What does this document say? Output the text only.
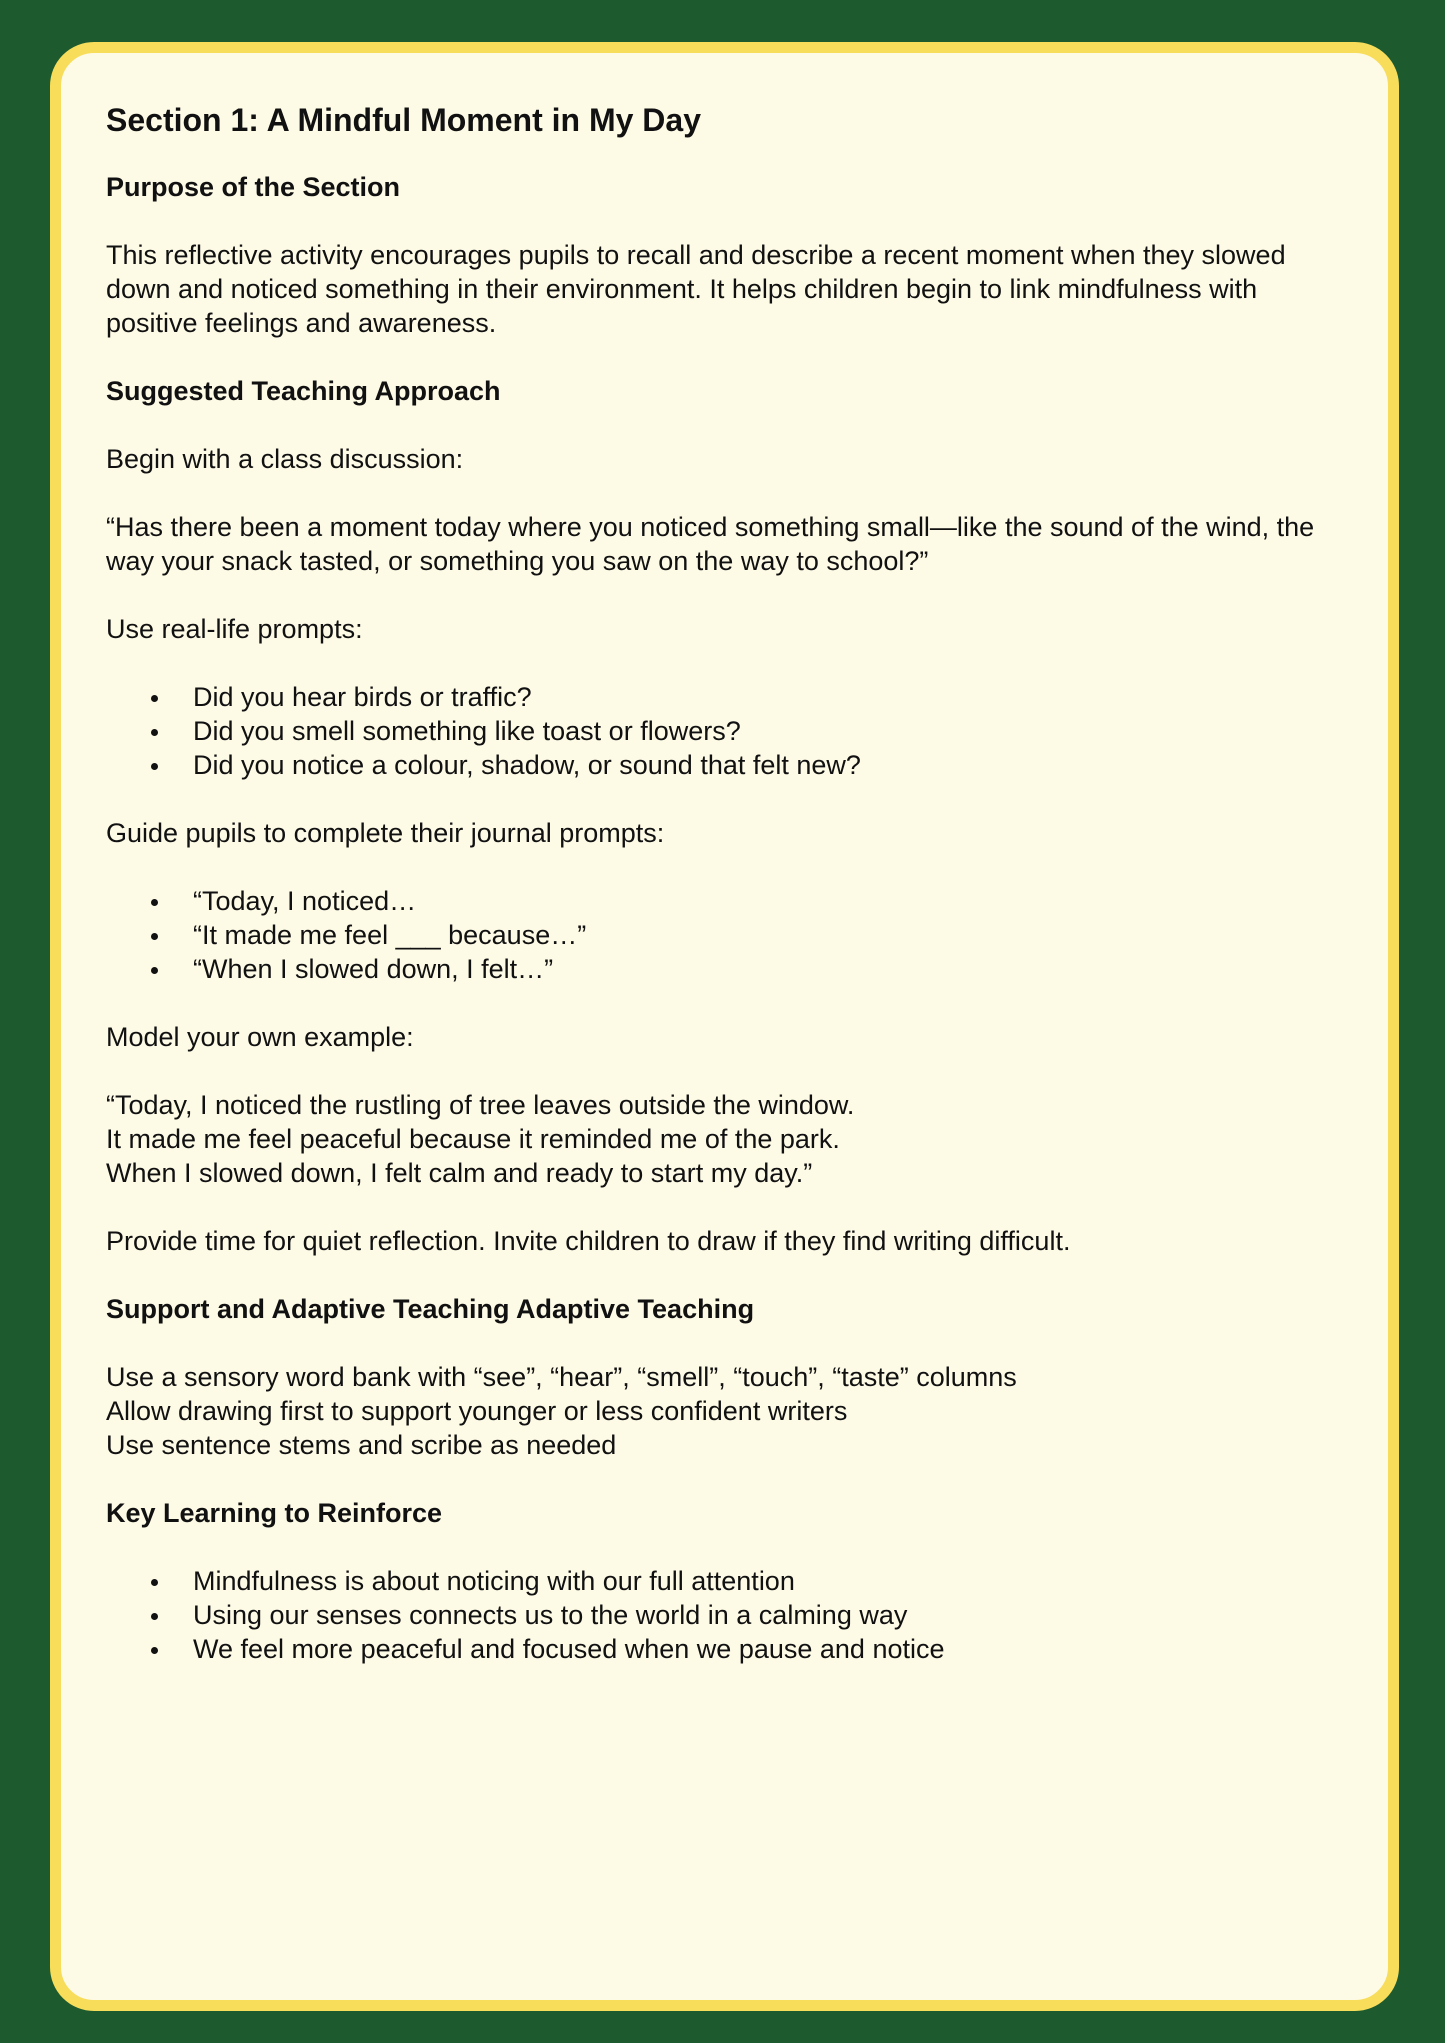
Section 1: A Mindful Moment in My Day
Purpose of the Section
This reflective activity encourages pupils to recall and describe a recent moment when they slowed down and noticed something in their environment. It helps children begin to link mindfulness with positive feelings and awareness.
Suggested Teaching Approach
Begin with a class discussion:
“Has there been a moment today where you noticed something small—like the sound of the wind, the way your snack tasted, or something you saw on the way to school?”
Use real-life prompts:
Did you hear birds or traffic?
Did you smell something like toast or flowers?
Did you notice a colour, shadow, or sound that felt new?
Guide pupils to complete their journal prompts:
“Today, I noticed…
“It made me feel ___ because…”
“When I slowed down, I felt…”
Model your own example:
“Today, I noticed the rustling of tree leaves outside the window.
It made me feel peaceful because it reminded me of the park.
When I slowed down, I felt calm and ready to start my day.”
Provide time for quiet reflection. Invite children to draw if they find writing difficult.
Support and Adaptive Teaching Adaptive Teaching
Use a sensory word bank with “see”, “hear”, “smell”, “touch”, “taste” columns
Allow drawing first to support younger or less confident writers
Use sentence stems and scribe as needed
Key Learning to Reinforce
Mindfulness is about noticing with our full attention
Using our senses connects us to the world in a calming way
We feel more peaceful and focused when we pause and notice
